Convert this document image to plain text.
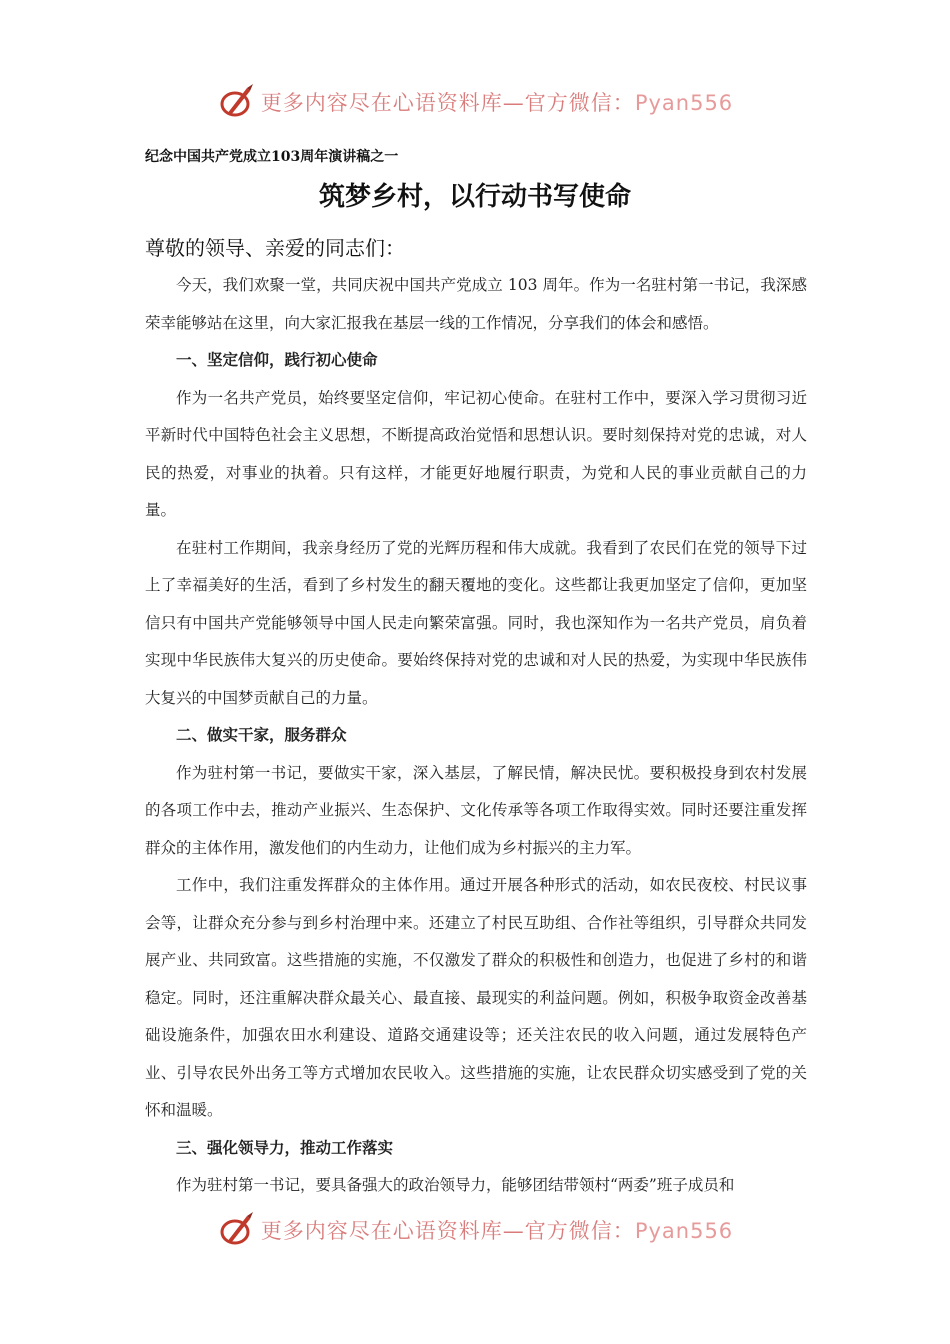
更多内容尽在心语资料库—官方微信：Pyan556
纪念中国共产党成立103周年演讲稿之一
筑梦乡村，以行动书写使命
尊敬的领导、亲爱的同志们：

今天，我们欢聚一堂，共同庆祝中国共产党成立 103 周年。作为一名驻村第一书记，我深感荣幸能够站在这里，向大家汇报我在基层一线的工作情况，分享我们的体会和感悟。

一、坚定信仰，践行初心使命

作为一名共产党员，始终要坚定信仰，牢记初心使命。在驻村工作中，要深入学习贯彻习近平新时代中国特色社会主义思想，不断提高政治觉悟和思想认识。要时刻保持对党的忠诚，对人民的热爱，对事业的执着。只有这样，才能更好地履行职责，为党和人民的事业贡献自己的力量。

在驻村工作期间，我亲身经历了党的光辉历程和伟大成就。我看到了农民们在党的领导下过上了幸福美好的生活，看到了乡村发生的翻天覆地的变化。这些都让我更加坚定了信仰，更加坚信只有中国共产党能够领导中国人民走向繁荣富强。同时，我也深知作为一名共产党员，肩负着实现中华民族伟大复兴的历史使命。要始终保持对党的忠诚和对人民的热爱，为实现中华民族伟大复兴的中国梦贡献自己的力量。

二、做实干家，服务群众

作为驻村第一书记，要做实干家，深入基层，了解民情，解决民忧。要积极投身到农村发展的各项工作中去，推动产业振兴、生态保护、文化传承等各项工作取得实效。同时还要注重发挥群众的主体作用，激发他们的内生动力，让他们成为乡村振兴的主力军。

工作中，我们注重发挥群众的主体作用。通过开展各种形式的活动，如农民夜校、村民议事会等，让群众充分参与到乡村治理中来。还建立了村民互助组、合作社等组织，引导群众共同发展产业、共同致富。这些措施的实施，不仅激发了群众的积极性和创造力，也促进了乡村的和谐稳定。同时，还注重解决群众最关心、最直接、最现实的利益问题。例如，积极争取资金改善基础设施条件，加强农田水利建设、道路交通建设等；还关注农民的收入问题，通过发展特色产业、引导农民外出务工等方式增加农民收入。这些措施的实施，让农民群众切实感受到了党的关怀和温暖。

三、强化领导力，推动工作落实

作为驻村第一书记，要具备强大的政治领导力，能够团结带领村“两委”班子成员和

更多内容尽在心语资料库—官方微信：Pyan556
